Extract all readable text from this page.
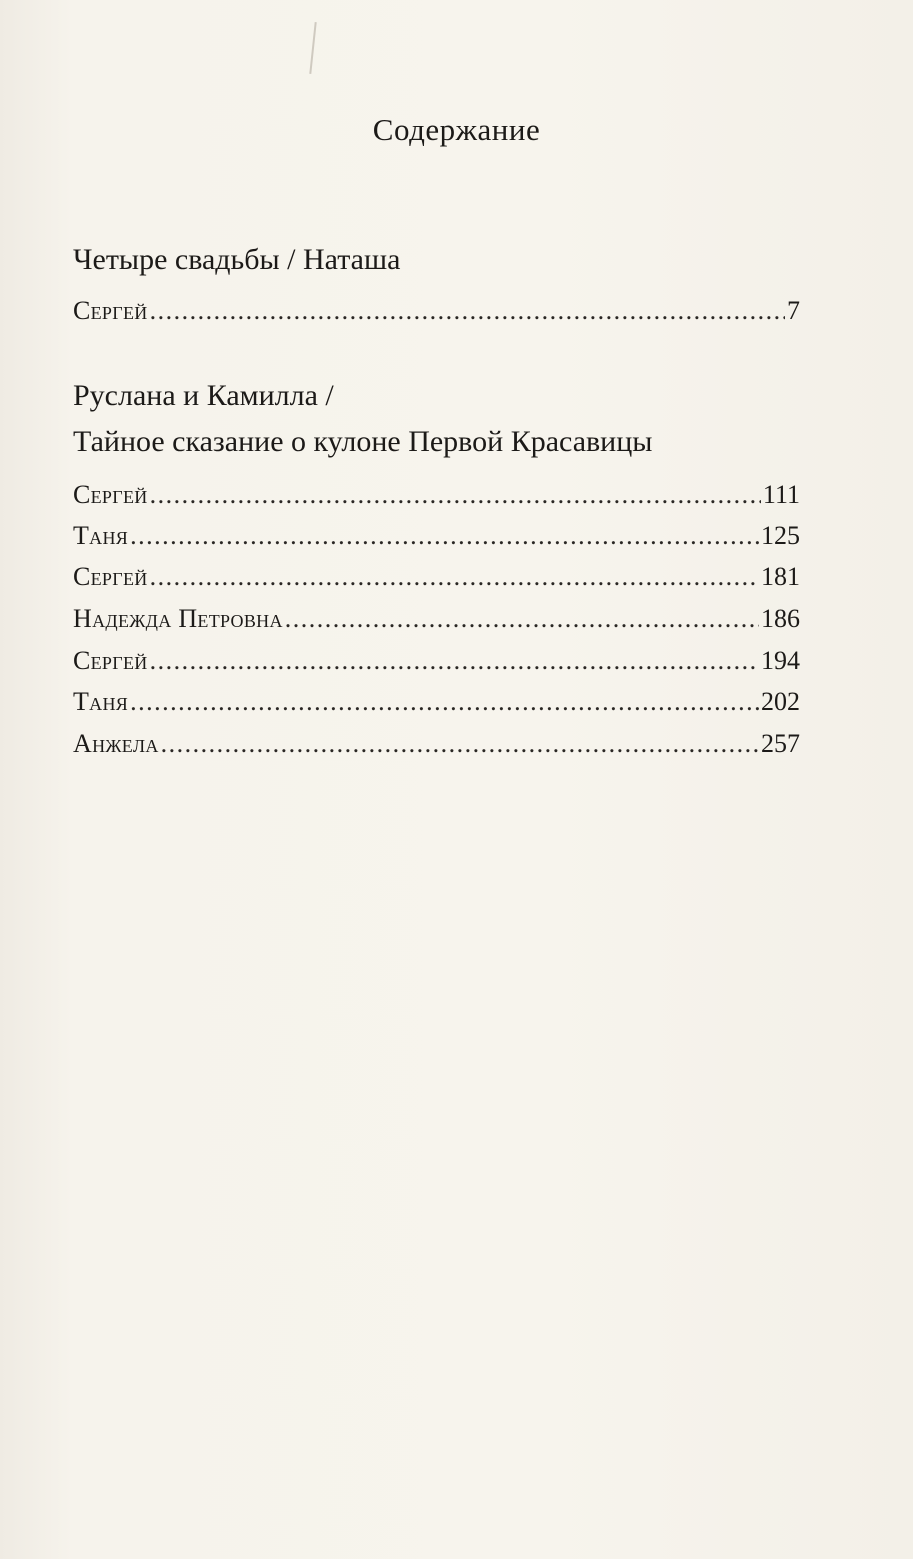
Содержание
Четыре свадьбы / Наташа
Сергей .....	7
Руслана и Камилла /
Тайное сказание о кулоне Первой Красавицы
Сергей .....	111
Таня .....	125
Сергей .....	181
Надежда Петровна .....	186
Сергей .....	194
Таня .....	202
Анжела .....	257
